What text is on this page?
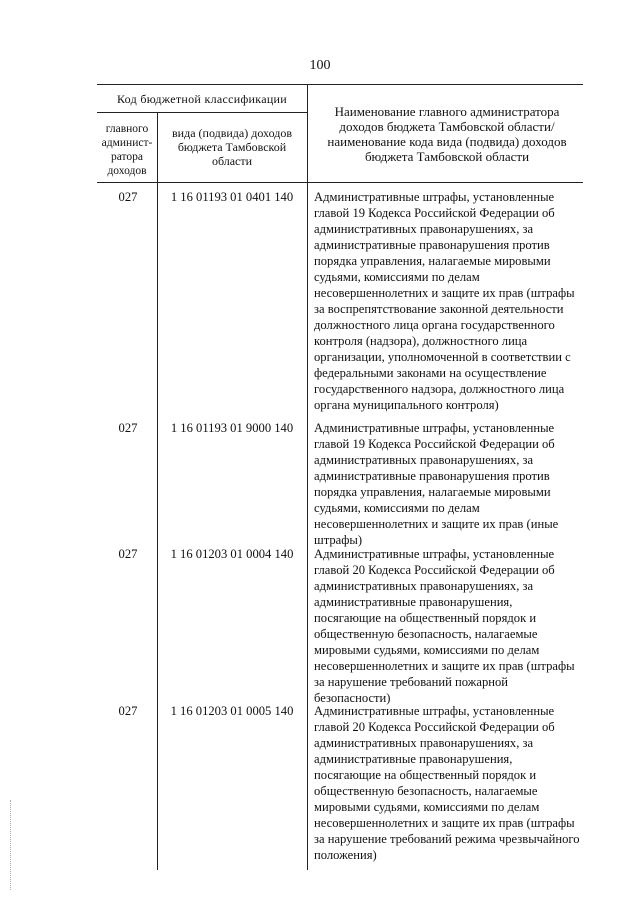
100
Код бюджетной классификации
главного админист-ратора доходов
вида (подвида) доходов бюджета Тамбовской области
Наименование главного администратора доходов бюджета Тамбовской области/наименование кода вида (подвида) доходов бюджета Тамбовской области
027	1 16 01193 01 0401 140	Административные штрафы, установленные главой 19 Кодекса Российской Федерации об административных правонарушениях, за административные правонарушения против порядка управления, налагаемые мировыми судьями, комиссиями по делам несовершеннолетних и защите их прав (штрафы за воспрепятствование законной деятельности должностного лица органа государственного контроля (надзора), должностного лица организации, уполномоченной в соответствии с федеральными законами на осуществление государственного надзора, должностного лица органа муниципального контроля)
027	1 16 01193 01 9000 140	Административные штрафы, установленные главой 19 Кодекса Российской Федерации об административных правонарушениях, за административные правонарушения против порядка управления, налагаемые мировыми судьями, комиссиями по делам несовершеннолетних и защите их прав (иные штрафы)
027	1 16 01203 01 0004 140	Административные штрафы, установленные главой 20 Кодекса Российской Федерации об административных правонарушениях, за административные правонарушения, посягающие на общественный порядок и общественную безопасность, налагаемые мировыми судьями, комиссиями по делам несовершеннолетних и защите их прав (штрафы за нарушение требований пожарной безопасности)
027	1 16 01203 01 0005 140	Административные штрафы, установленные главой 20 Кодекса Российской Федерации об административных правонарушениях, за административные правонарушения, посягающие на общественный порядок и общественную безопасность, налагаемые мировыми судьями, комиссиями по делам несовершеннолетних и защите их прав (штрафы за нарушение требований режима чрезвычайного положения)
